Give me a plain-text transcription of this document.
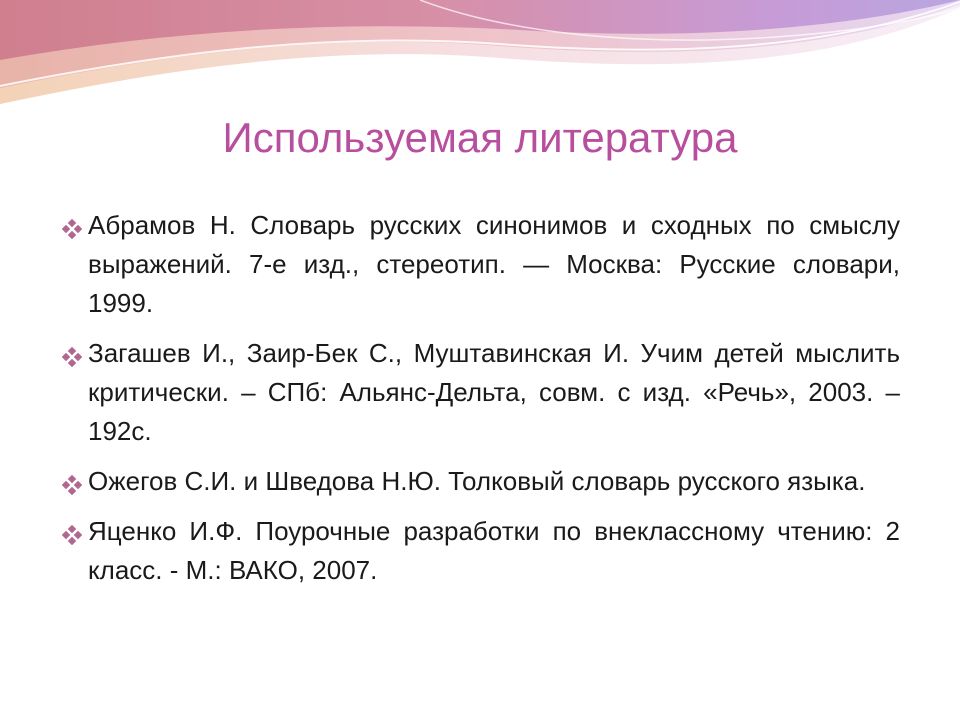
Используемая литература
Абрамов Н. Словарь русских синонимов и сходных по смыслу выражений. 7-е изд., стереотип. — Москва: Русские словари, 1999.
Загашев И., Заир-Бек С., Муштавинская И. Учим детей мыслить критически. – СПб: Альянс-Дельта, совм. с изд. «Речь», 2003. – 192с.
Ожегов С.И. и Шведова Н.Ю. Толковый словарь русского языка.
Яценко И.Ф. Поурочные разработки по внеклассному чтению: 2 класс. - М.: ВАКО, 2007.
